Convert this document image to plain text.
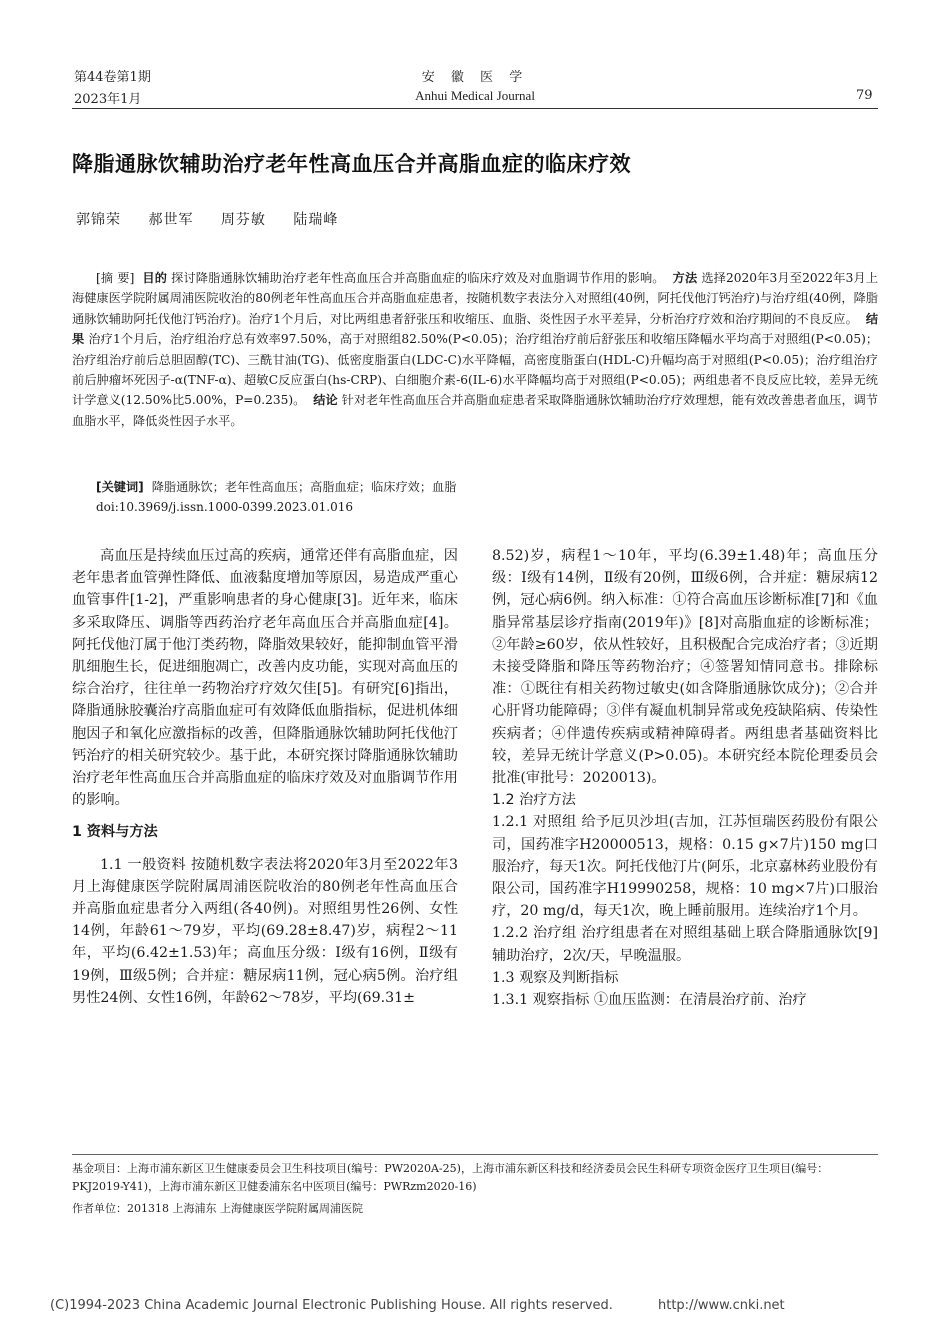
第44卷第1期
2023年1月
安 徽 医 学
Anhui Medical Journal	79
降脂通脉饮辅助治疗老年性高血压合并高脂血症的临床疗效
郭锦荣 郝世军 周芬敏 陆瑞峰
[摘 要] 目的 探讨降脂通脉饮辅助治疗老年性高血压合并高脂血症的临床疗效及对血脂调节作用的影响。 方法 选择2020年3月至2022年3月上海健康医学院附属周浦医院收治的80例老年性高血压合并高脂血症患者，按随机数字表法分入对照组(40例，阿托伐他汀钙治疗)与治疗组(40例，降脂通脉饮辅助阿托伐他汀钙治疗)。治疗1个月后，对比两组患者舒张压和收缩压、血脂、炎性因子水平差异，分析治疗疗效和治疗期间的不良反应。 结果 治疗1个月后，治疗组治疗总有效率97.50%，高于对照组82.50%(P<0.05)；治疗组治疗前后舒张压和收缩压降幅水平均高于对照组(P<0.05)；治疗组治疗前后总胆固醇(TC)、三酰甘油(TG)、低密度脂蛋白(LDC-C)水平降幅，高密度脂蛋白(HDL-C)升幅均高于对照组(P<0.05)；治疗组治疗前后肿瘤坏死因子-α(TNF-α)、超敏C反应蛋白(hs-CRP)、白细胞介素-6(IL-6)水平降幅均高于对照组(P<0.05)；两组患者不良反应比较，差异无统计学意义(12.50%比5.00%，P=0.235)。 结论 针对老年性高血压合并高脂血症患者采取降脂通脉饮辅助治疗疗效理想，能有效改善患者血压，调节血脂水平，降低炎性因子水平。
[关键词] 降脂通脉饮；老年性高血压；高脂血症；临床疗效；血脂
doi:10.3969/j.issn.1000-0399.2023.01.016

高血压是持续血压过高的疾病，通常还伴有高脂血症，因老年患者血管弹性降低、血液黏度增加等原因，易造成严重心血管事件[1-2]，严重影响患者的身心健康[3]。近年来，临床多采取降压、调脂等西药治疗老年高血压合并高脂血症[4]。阿托伐他汀属于他汀类药物，降脂效果较好，能抑制血管平滑肌细胞生长，促进细胞凋亡，改善内皮功能，实现对高血压的综合治疗，往往单一药物治疗疗效欠佳[5]。有研究[6]指出，降脂通脉胶囊治疗高脂血症可有效降低血脂指标，促进机体细胞因子和氧化应激指标的改善，但降脂通脉饮辅助阿托伐他汀钙治疗的相关研究较少。基于此，本研究探讨降脂通脉饮辅助治疗老年性高血压合并高脂血症的临床疗效及对血脂调节作用的影响。

1 资料与方法

1.1 一般资料 按随机数字表法将2020年3月至2022年3月上海健康医学院附属周浦医院收治的80例老年性高血压合并高脂血症患者分入两组(各40例)。对照组男性26例、女性14例，年龄61～79岁，平均(69.28±8.47)岁，病程2～11年，平均(6.42±1.53)年；高血压分级：Ⅰ级有16例，Ⅱ级有19例，Ⅲ级5例；合并症：糖尿病11例，冠心病5例。治疗组男性24例、女性16例，年龄62～78岁，平均(69.31±

8.52)岁，病程1～10年，平均(6.39±1.48)年；高血压分级：Ⅰ级有14例，Ⅱ级有20例，Ⅲ级6例，合并症：糖尿病12例，冠心病6例。纳入标准：①符合高血压诊断标准[7]和《血脂异常基层诊疗指南(2019年)》[8]对高脂血症的诊断标准；②年龄≥60岁，依从性较好，且积极配合完成治疗者；③近期未接受降脂和降压等药物治疗；④签署知情同意书。排除标准：①既往有相关药物过敏史(如含降脂通脉饮成分)；②合并心肝肾功能障碍；③伴有凝血机制异常或免疫缺陷病、传染性疾病者；④伴遗传疾病或精神障碍者。两组患者基础资料比较，差异无统计学意义(P>0.05)。本研究经本院伦理委员会批准(审批号：2020013)。

1.2 治疗方法

1.2.1 对照组 给予厄贝沙坦(吉加，江苏恒瑞医药股份有限公司，国药准字H20000513，规格：0.15 g×7片)150 mg口服治疗，每天1次。阿托伐他汀片(阿乐，北京嘉林药业股份有限公司，国药准字H19990258，规格：10 mg×7片)口服治疗，20 mg/d，每天1次，晚上睡前服用。连续治疗1个月。

1.2.2 治疗组 治疗组患者在对照组基础上联合降脂通脉饮[9]辅助治疗，2次/天，早晚温服。

1.3 观察及判断指标

1.3.1 观察指标 ①血压监测：在清晨治疗前、治疗

基金项目：上海市浦东新区卫生健康委员会卫生科技项目(编号：PW2020A-25)，上海市浦东新区科技和经济委员会民生科研专项资金医疗卫生项目(编号：PKJ2019-Y41)，上海市浦东新区卫健委浦东名中医项目(编号：PWRzm2020-16)
作者单位：201318 上海浦东 上海健康医学院附属周浦医院
(C)1994-2023 China Academic Journal Electronic Publishing House. All rights reserved.	http://www.cnki.net
